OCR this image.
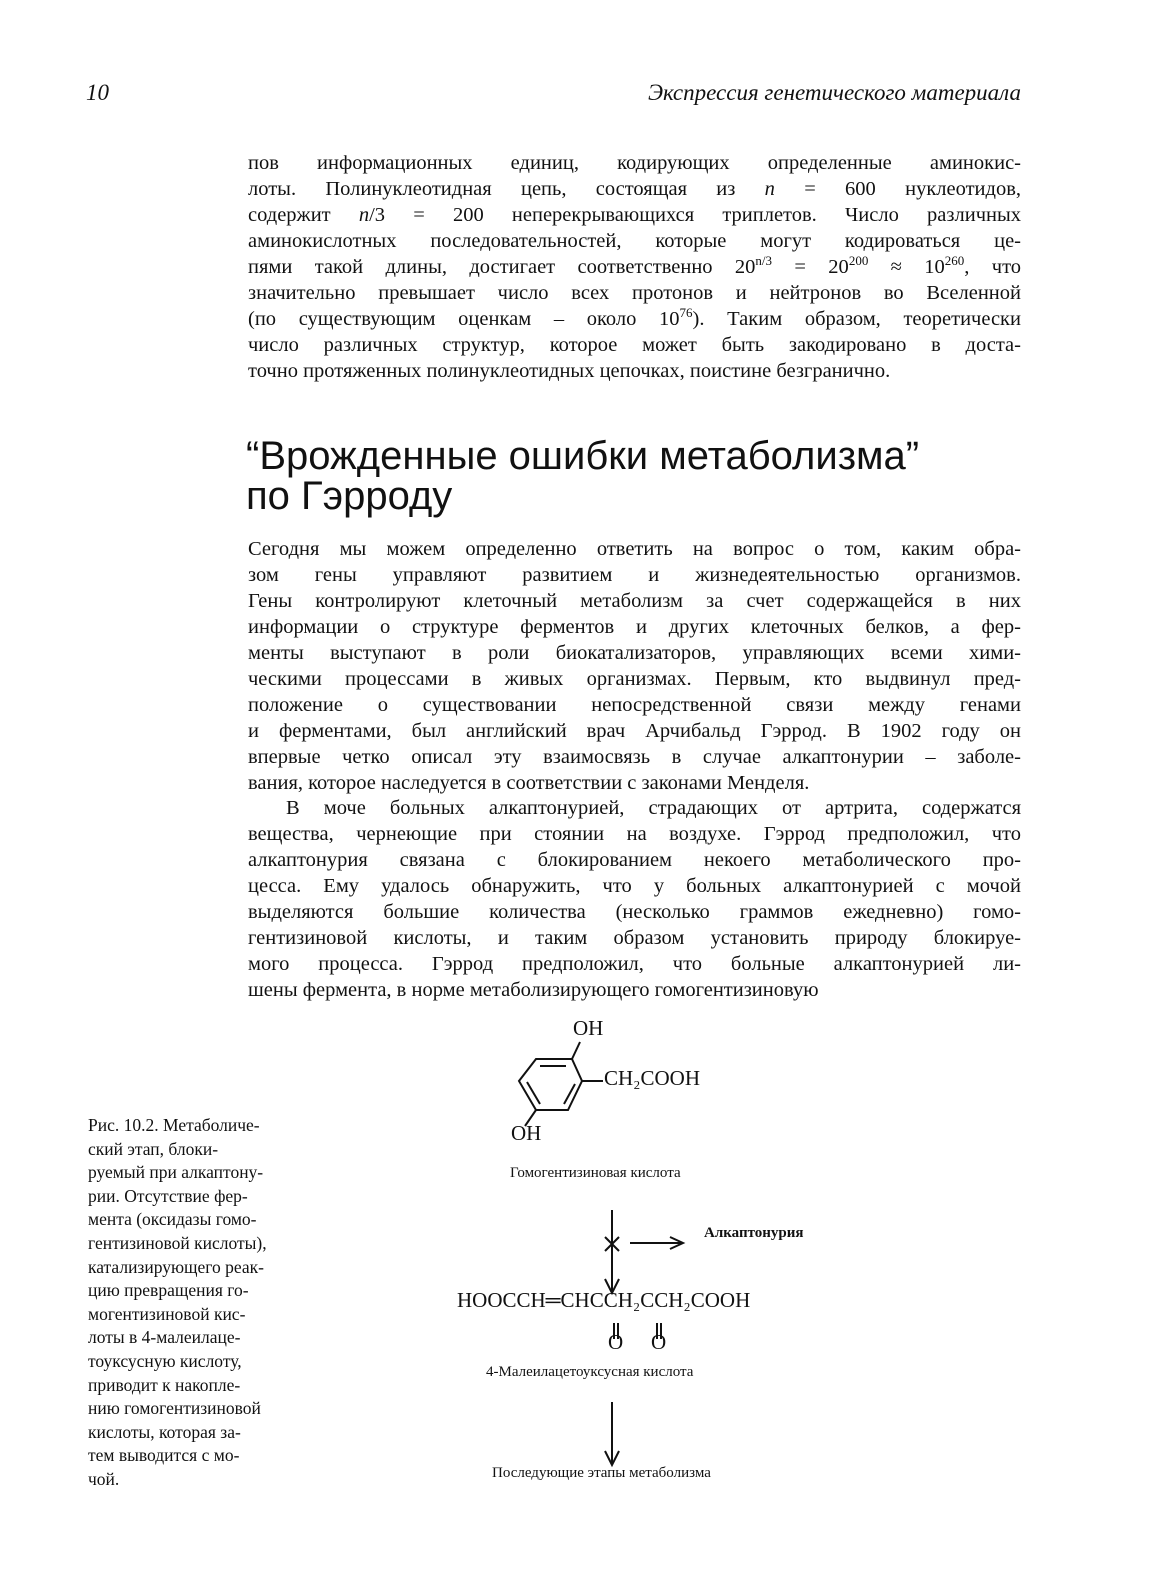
10	Экспрессия генетического материала
пов информационных единиц, кодирующих определенные аминокис-
лоты. Полинуклеотидная цепь, состоящая из n = 600 нуклеотидов,
содержит n/3 = 200 неперекрывающихся триплетов. Число различных
аминокислотных последовательностей, которые могут кодироваться це-
пями такой длины, достигает соответственно $20^{n/3} = 20^{200} \approx 10^{260}$, что
значительно превышает число всех протонов и нейтронов во Вселенной
(по существующим оценкам – около $10^{76}$). Таким образом, теоретически
число различных структур, которое может быть закодировано в доста-
точно протяженных полинуклеотидных цепочках, поистине безгранично.
“Врожденные ошибки метаболизма”
по Гэрроду
Сегодня мы можем определенно ответить на вопрос о том, каким обра-
зом гены управляют развитием и жизнедеятельностью организмов.
Гены контролируют клеточный метаболизм за счет содержащейся в них
информации о структуре ферментов и других клеточных белков, а фер-
менты выступают в роли биокатализаторов, управляющих всеми хими-
ческими процессами в живых организмах. Первым, кто выдвинул пред-
положение о существовании непосредственной связи между генами
и ферментами, был английский врач Арчибальд Гэррод. В 1902 году он
впервые четко описал эту взаимосвязь в случае алкаптонурии – заболе-
вания, которое наследуется в соответствии с законами Менделя.
В моче больных алкаптонурией, страдающих от артрита, содержатся
вещества, чернеющие при стоянии на воздухе. Гэррод предположил, что
алкаптонурия связана с блокированием некоего метаболического про-
цесса. Ему удалось обнаружить, что у больных алкаптонурией с мочой
выделяются большие количества (несколько граммов ежедневно) гомо-
гентизиновой кислоты, и таким образом установить природу блокируе-
мого процесса. Гэррод предположил, что больные алкаптонурией ли-
шены фермента, в норме метаболизирующего гомогентизиновую
Рис. 10.2. Метаболиче-
ский этап, блоки-
руемый при алкаптону-
рии. Отсутствие фер-
мента (оксидазы гомо-
гентизиновой кислоты),
катализирующего реак-
цию превращения го-
могентизиновой кис-
лоты в 4-малеилаце-
тоуксусную кислоту,
приводит к накопле-
нию гомогентизиновой
кислоты, которая за-
тем выводится с мо-
чой.
OH
CH₂COOH
OH
Гомогентизиновая кислота
Алкаптонурия
HOOCCH═CHCCH₂CCH₂COOH
O O
4-Малеилацетоуксусная кислота
Последующие этапы метаболизма
